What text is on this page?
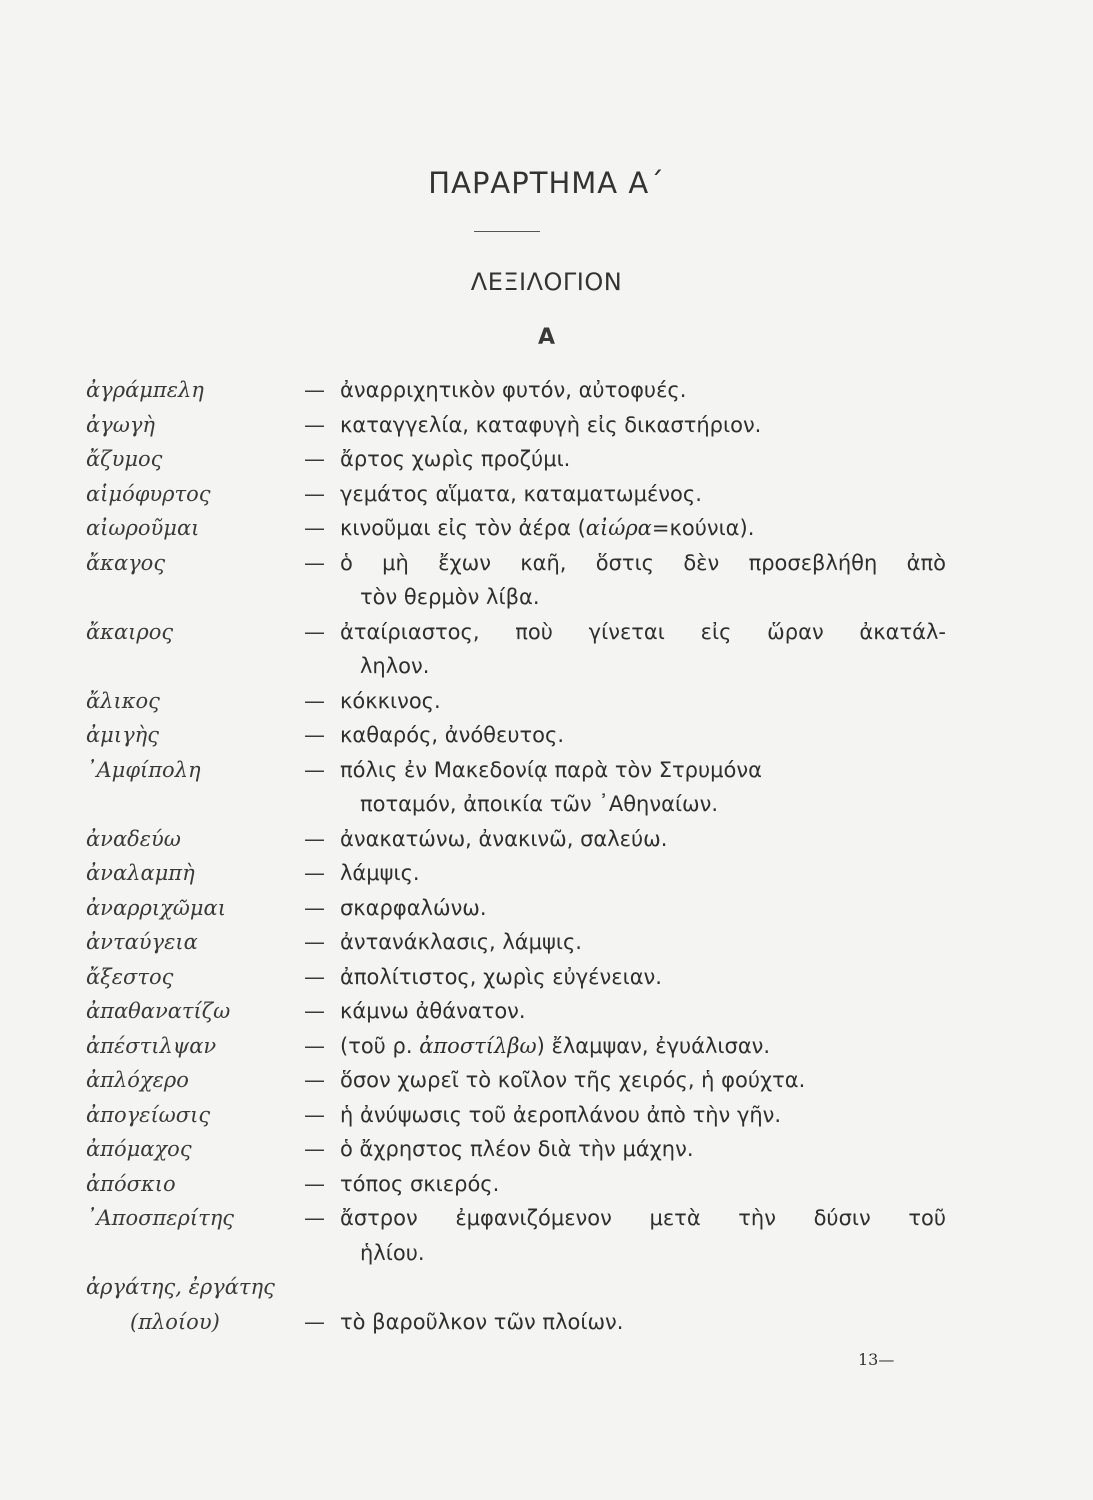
ΠΑΡΑΡΤΗΜΑ Α΄
ΛΕΞΙΛΟΓΙΟΝ
Α
ἀγράμπελη	— ἀναρριχητικὸν φυτόν, αὐτοφυές.
ἀγωγὴ	— καταγγελία, καταφυγὴ εἰς δικαστήριον.
ἄζυμος	— ἄρτος χωρὶς προζύμι.
αἱμόφυρτος	— γεμάτος αἵματα, καταματωμένος.
αἰωροῦμαι	— κινοῦμαι εἰς τὸν ἀέρα (αἰώρα=κούνια).
ἄκαγος	— ὁ μὴ ἔχων καῆ, ὅστις δὲν προσεβλήθη ἀπὸ
τὸν θερμὸν λίβα.
ἄκαιρος	— ἀταίριαστος, ποὺ γίνεται εἰς ὥραν ἀκατάλ-
ληλον.
ἄλικος	— κόκκινος.
ἀμιγὴς	— καθαρός, ἀνόθευτος.
᾿Αμφίπολη	— πόλις ἐν Μακεδονίᾳ παρὰ τὸν Στρυμόνα
ποταμόν, ἀποικία τῶν ᾿Αθηναίων.
ἀναδεύω	— ἀνακατώνω, ἀνακινῶ, σαλεύω.
ἀναλαμπὴ	— λάμψις.
ἀναρριχῶμαι	— σκαρφαλώνω.
ἀνταύγεια	— ἀντανάκλασις, λάμψις.
ἄξεστος	— ἀπολίτιστος, χωρὶς εὐγένειαν.
ἀπαθανατίζω	— κάμνω ἀθάνατον.
ἀπέστιλψαν	— (τοῦ ρ. ἀποστίλβω) ἔλαμψαν, ἐγυάλισαν.
ἀπλόχερο	— ὅσον χωρεῖ τὸ κοῖλον τῆς χειρός, ἡ φούχτα.
ἀπογείωσις	— ἡ ἀνύψωσις τοῦ ἀεροπλάνου ἀπὸ τὴν γῆν.
ἀπόμαχος	— ὁ ἄχρηστος πλέον διὰ τὴν μάχην.
ἀπόσκιο	— τόπος σκιερός.
᾿Αποσπερίτης	— ἄστρον ἐμφανιζόμενον μετὰ τὴν δύσιν τοῦ
ἡλίου.
ἀργάτης, ἐργάτης
(πλοίου)	— τὸ βαροῦλκον τῶν πλοίων.
13—
